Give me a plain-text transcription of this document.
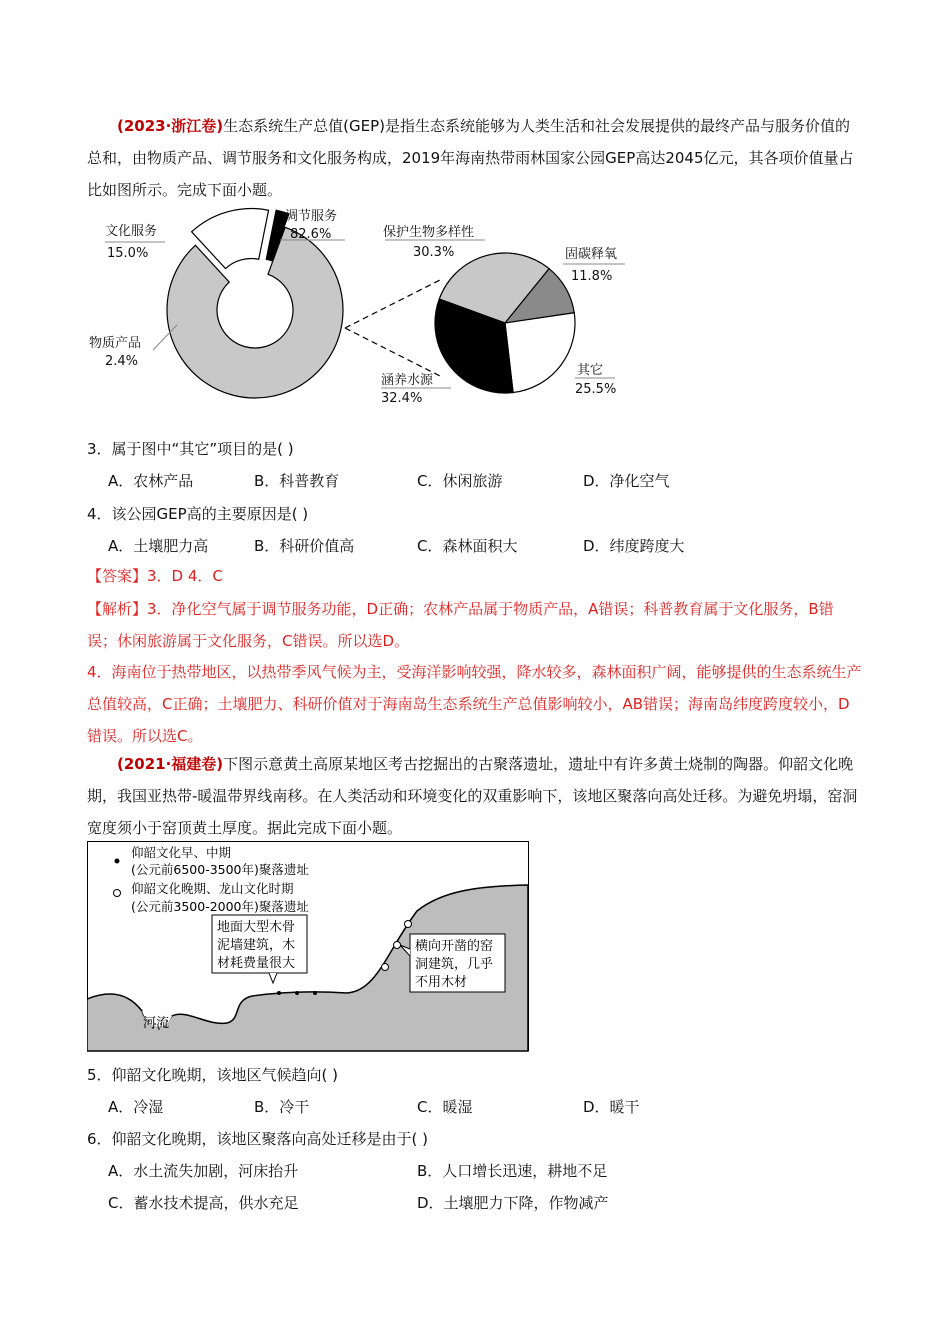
(2023·浙江卷)生态系统生产总值(GEP)是指生态系统能够为人类生活和社会发展提供的最终产品与服务价值的总和，由物质产品、调节服务和文化服务构成，2019年海南热带雨林国家公园GEP高达2045亿元，其各项价值量占比如图所示。完成下面小题。
调节服务
82.6%
文化服务
15.0%
物质产品
2.4%
保护生物多样性
30.3%	固碳释氧
11.8%
其它
25.5%
涵养水源
32.4%
3．属于图中“其它”项目的是( )
A．农林产品	B．科普教育	C．休闲旅游	D．净化空气
4．该公园GEP高的主要原因是( )
A．土壤肥力高	B．科研价值高	C．森林面积大	D．纬度跨度大
【答案】3．D 4．C
【解析】3．净化空气属于调节服务功能，D正确；农林产品属于物质产品，A错误；科普教育属于文化服务，B错误；休闲旅游属于文化服务，C错误。所以选D。
4．海南位于热带地区，以热带季风气候为主，受海洋影响较强，降水较多，森林面积广阔，能够提供的生态系统生产总值较高，C正确；土壤肥力、科研价值对于海南岛生态系统生产总值影响较小，AB错误；海南岛纬度跨度较小，D错误。所以选C。
(2021·福建卷)下图示意黄土高原某地区考古挖掘出的古聚落遗址，遗址中有许多黄土烧制的陶器。仰韶文化晚期，我国亚热带-暖温带界线南移。在人类活动和环境变化的双重影响下，该地区聚落向高处迁移。为避免坍塌，窑洞宽度须小于窑顶黄土厚度。据此完成下面小题。
河流
仰韶文化早、中期
(公元前6500-3500年)聚落遗址
仰韶文化晚期、龙山文化时期
(公元前3500-2000年)聚落遗址
地面大型木骨
泥墙建筑，木
材耗费量很大
横向开凿的窑
洞建筑，几乎
不用木材
5．仰韶文化晚期，该地区气候趋向( )
A．冷湿	B．冷干	C．暖湿	D．暖干
6．仰韶文化晚期，该地区聚落向高处迁移是由于( )
A．水土流失加剧，河床抬升	B．人口增长迅速，耕地不足
C．蓄水技术提高，供水充足	D．土壤肥力下降，作物减产
